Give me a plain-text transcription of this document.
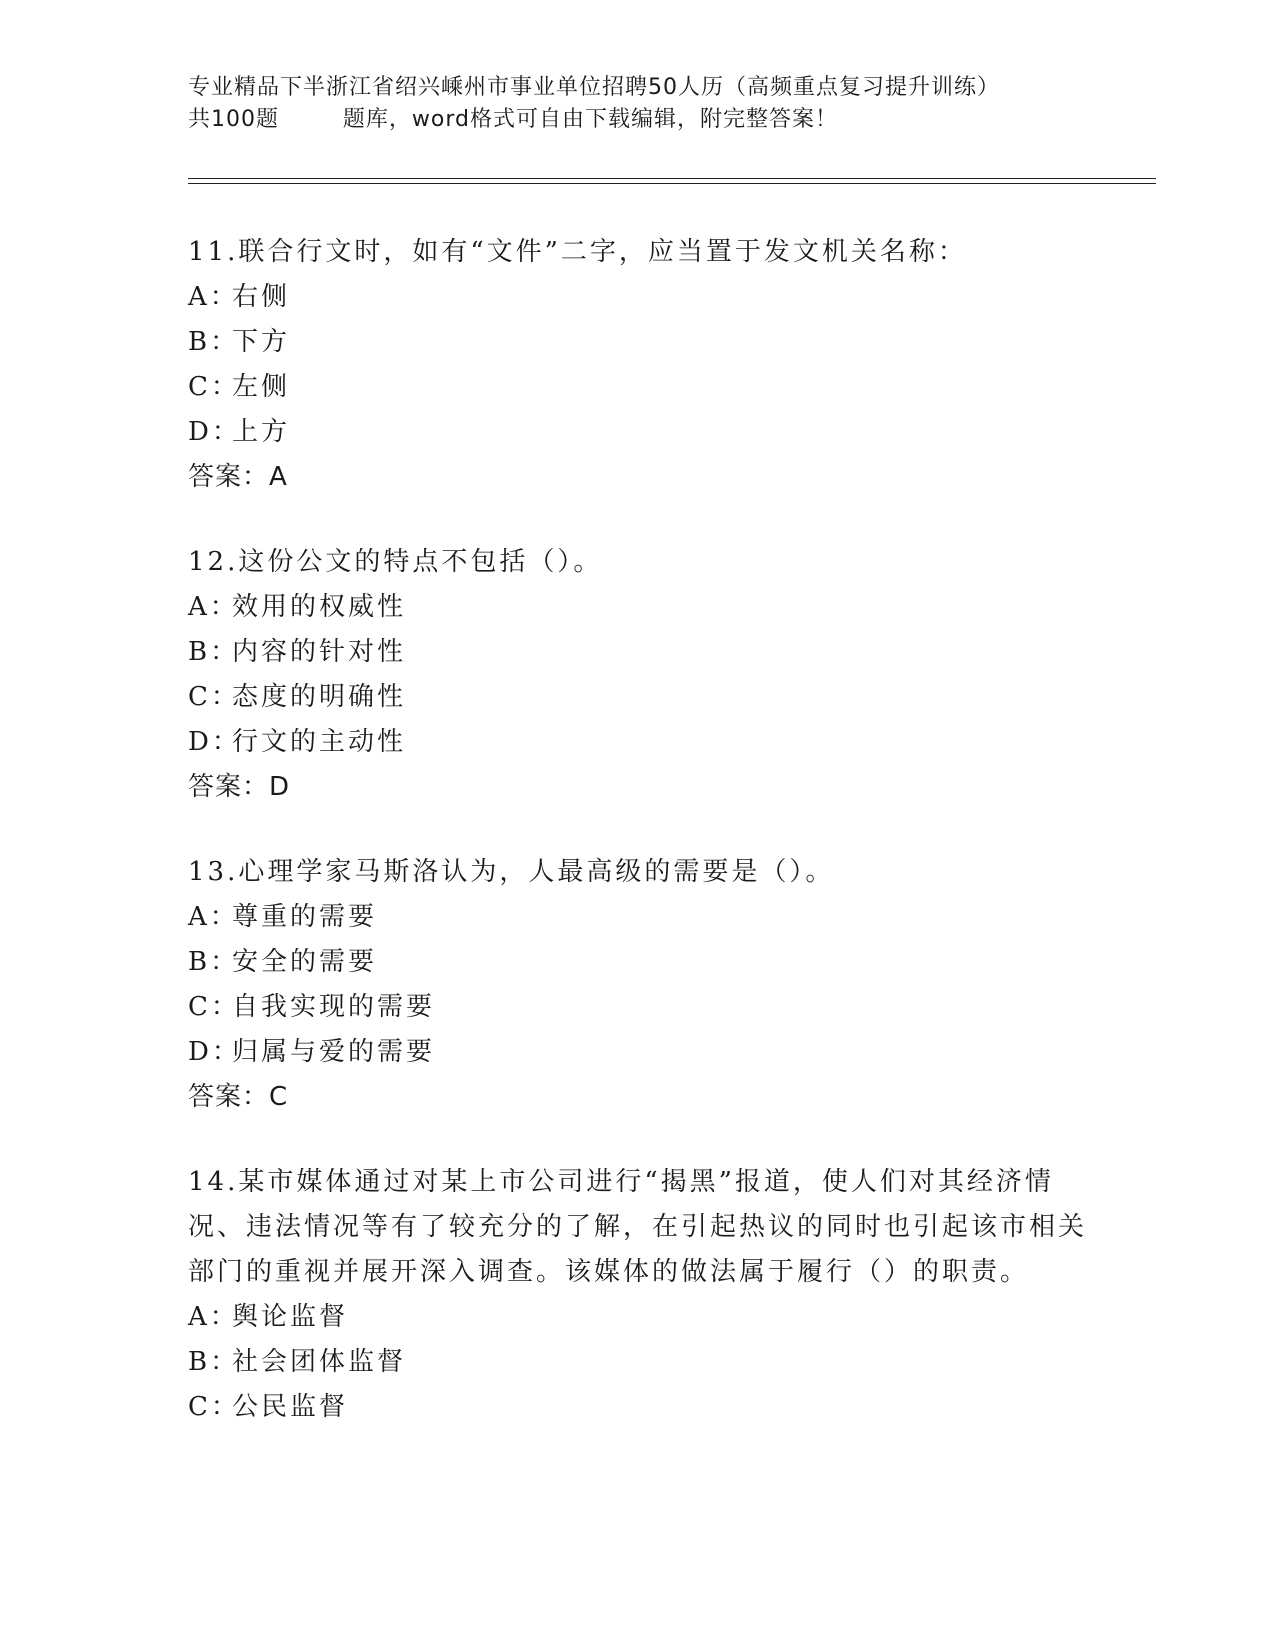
专业精品下半浙江省绍兴嵊州市事业单位招聘50人历（高频重点复习提升训练）
共100题        题库，word格式可自由下载编辑，附完整答案！
11.联合行文时，如有“文件”二字，应当置于发文机关名称：
A：右侧
B：下方
C：左侧
D：上方
答案：A
12.这份公文的特点不包括（）。
A：效用的权威性
B：内容的针对性
C：态度的明确性
D：行文的主动性
答案：D
13.心理学家马斯洛认为，人最高级的需要是（）。
A：尊重的需要
B：安全的需要
C：自我实现的需要
D：归属与爱的需要
答案：C
14.某市媒体通过对某上市公司进行“揭黑”报道，使人们对其经济情况、违法情况等有了较充分的了解，在引起热议的同时也引起该市相关部门的重视并展开深入调查。该媒体的做法属于履行（）的职责。
A：舆论监督
B：社会团体监督
C：公民监督
